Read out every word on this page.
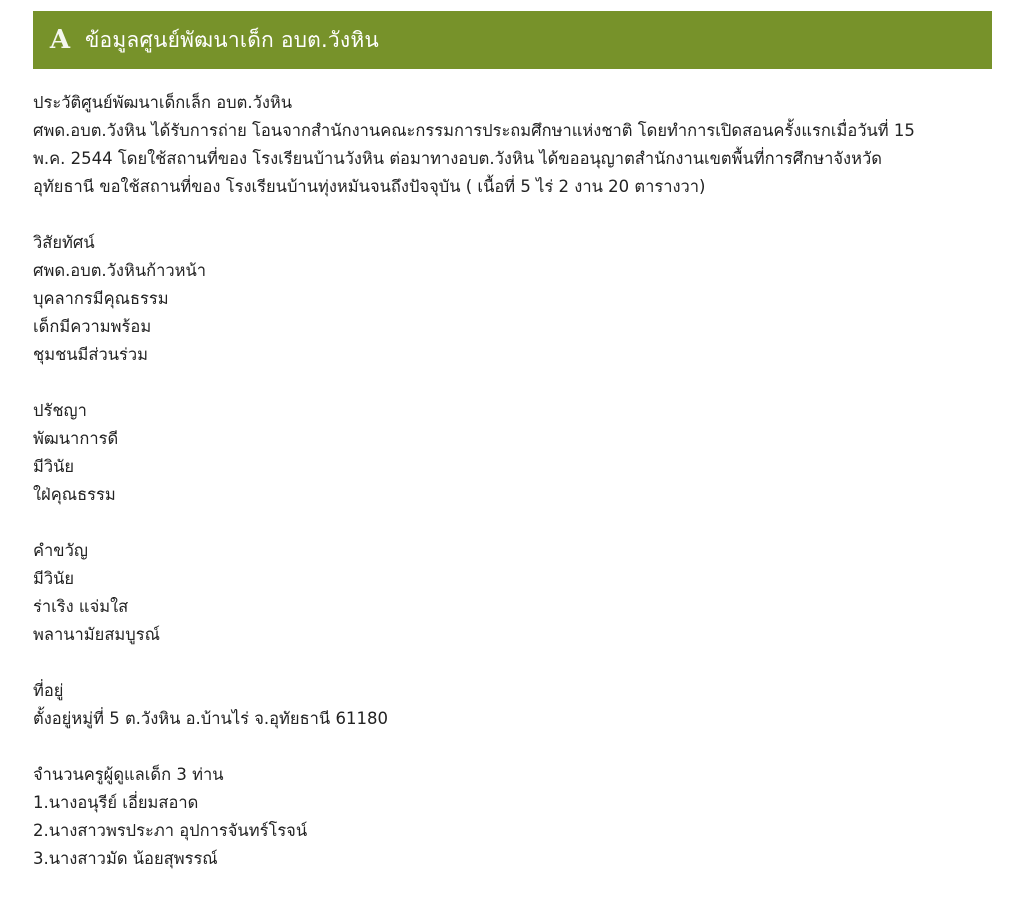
A ข้อมูลศูนย์พัฒนาเด็ก อบต.วังหิน
ประวัติศูนย์พัฒนาเด็กเล็ก อบต.วังหิน
ศพด.อบต.วังหิน ได้รับการถ่าย โอนจากสำนักงานคณะกรรมการประถมศึกษาแห่งชาติ โดยทำการเปิดสอนครั้งแรกเมื่อวันที่ 15
พ.ค. 2544 โดยใช้สถานที่ของ โรงเรียนบ้านวังหิน ต่อมาทางอบต.วังหิน ได้ขออนุญาตสำนักงานเขตพื้นที่การศึกษาจังหวัด
อุทัยธานี ขอใช้สถานที่ของ โรงเรียนบ้านทุ่งหมันจนถึงปัจจุบัน ( เนื้อที่ 5 ไร่ 2 งาน 20 ตารางวา)
วิสัยทัศน์
ศพด.อบต.วังหินก้าวหน้า
บุคลากรมีคุณธรรม
เด็กมีความพร้อม
ชุมชนมีส่วนร่วม
ปรัชญา
พัฒนาการดี
มีวินัย
ใฝ่คุณธรรม
คำขวัญ
มีวินัย
ร่าเริง แจ่มใส
พลานามัยสมบูรณ์
ที่อยู่
ตั้งอยู่หมู่ที่ 5 ต.วังหิน อ.บ้านไร่ จ.อุทัยธานี 61180
จำนวนครูผู้ดูแลเด็ก 3 ท่าน
1.นางอนุรีย์ เอี่ยมสอาด
2.นางสาวพรประภา อุปการจันทร์โรจน์
3.นางสาวมัด น้อยสุพรรณ์
